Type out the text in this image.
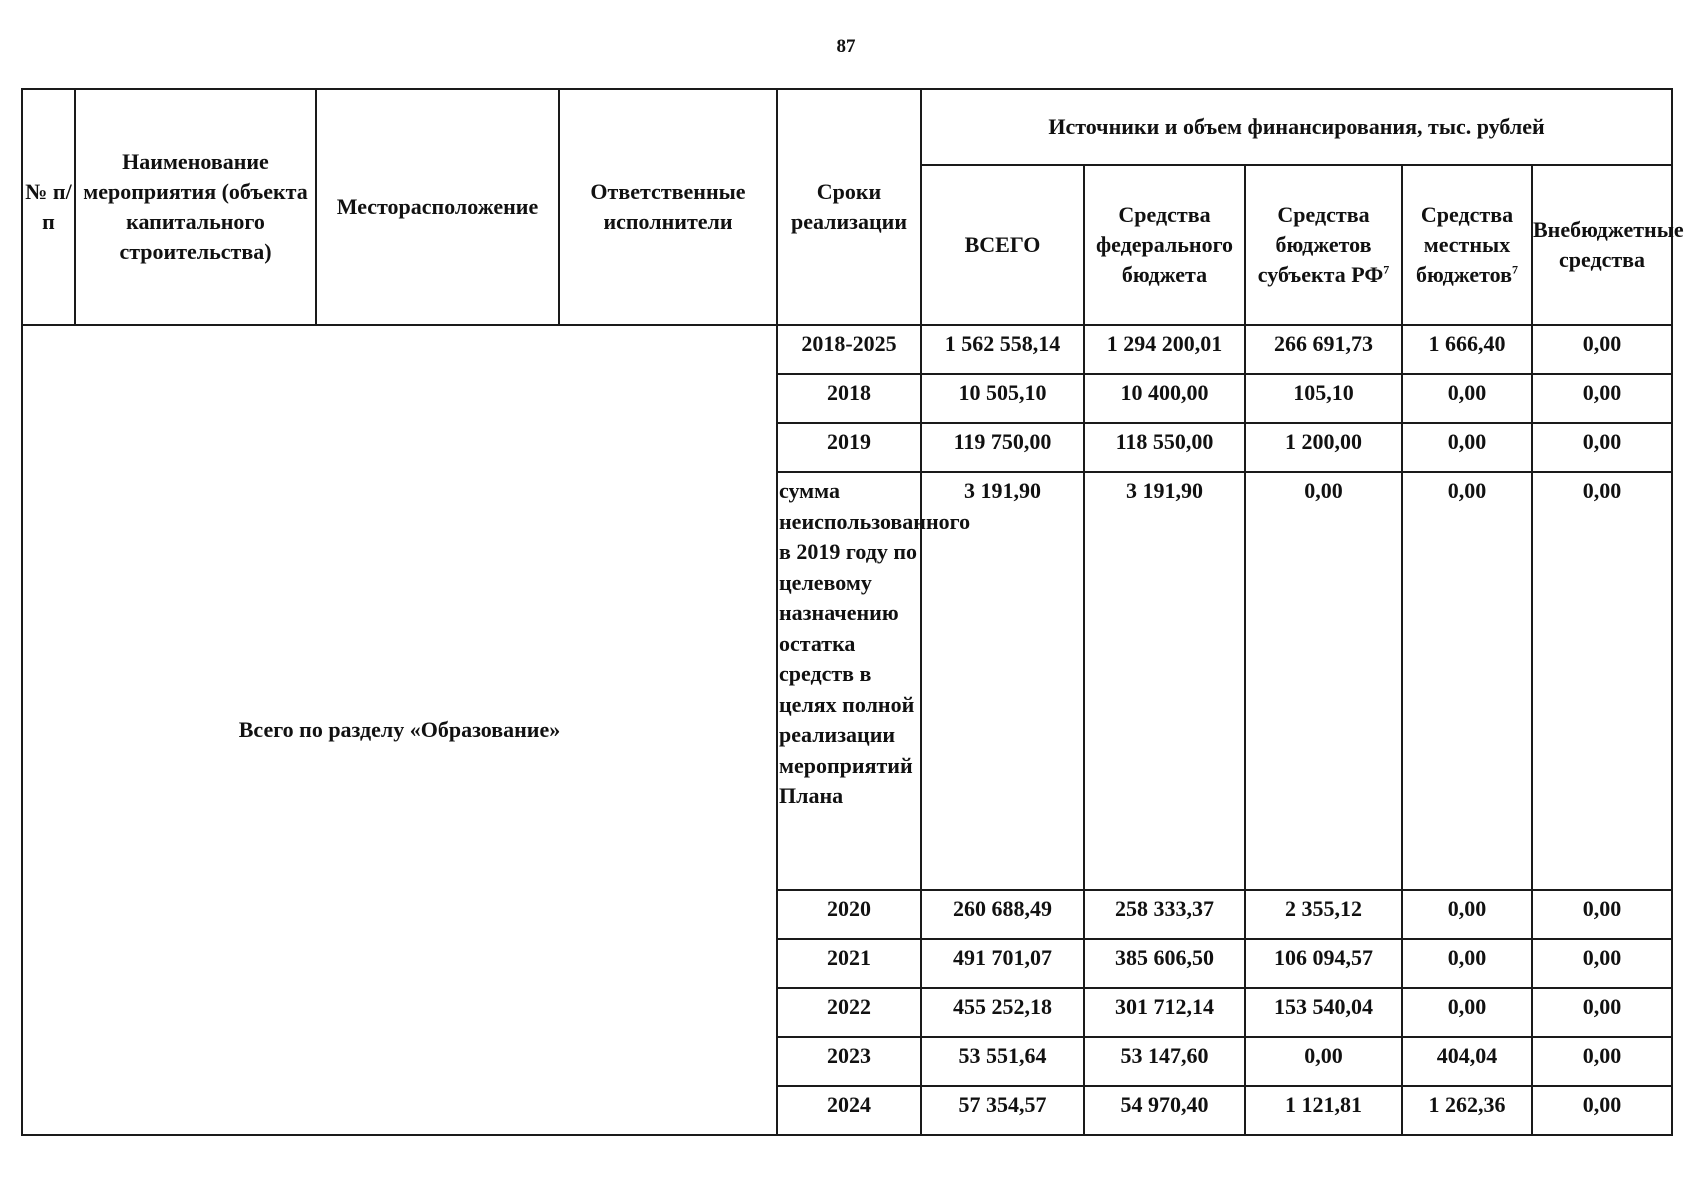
87
№ п/п	Наименование мероприятия (объекта капитального строительства)	Месторасположение	Ответственные исполнители	Сроки реализации	Источники и объем финансирования, тыс. рублей				
					ВСЕГО	Средства федерального бюджета	Средства бюджетов субъекта $РФ^7$	Средства местных бюджетов$^7$	Внебюджетные средства
Всего по разделу «Образование»				2018-2025	1 562 558,14	1 294 200,01	266 691,73	1 666,40	0,00
				2018	10 505,10	10 400,00	105,10	0,00	0,00
				2019	119 750,00	118 550,00	1 200,00	0,00	0,00
				сумма неиспользованного в 2019 году по целевому назначению остатка средств в целях полной реализации мероприятий Плана	3 191,90	3 191,90	0,00	0,00	0,00
				2020	260 688,49	258 333,37	2 355,12	0,00	0,00
				2021	491 701,07	385 606,50	106 094,57	0,00	0,00
				2022	455 252,18	301 712,14	153 540,04	0,00	0,00
				2023	53 551,64	53 147,60	0,00	404,04	0,00
				2024	57 354,57	54 970,40	1 121,81	1 262,36	0,00
